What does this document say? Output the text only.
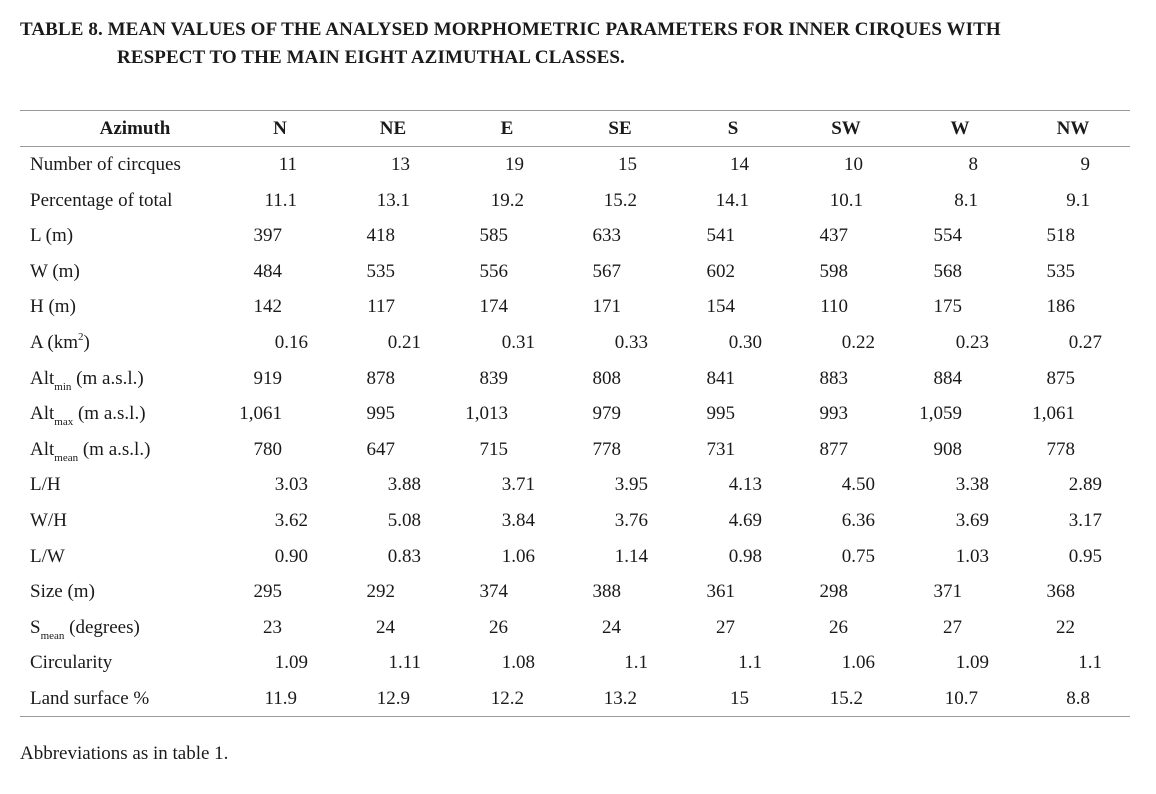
TABLE 8. MEAN VALUES OF THE ANALYSED MORPHOMETRIC PARAMETERS FOR INNER CIRQUES WITH
RESPECT TO THE MAIN EIGHT AZIMUTHAL CLASSES.
Azimuth	N	NE	E	SE	S	SW	W	NW
Number of circques	11	13	19	15	14	10	8	9
Percentage of total	11.1	13.1	19.2	15.2	14.1	10.1	8.1	9.1
L (m)	397	418	585	633	541	437	554	518
W (m)	484	535	556	567	602	598	568	535
H (m)	142	117	174	171	154	110	175	186
A $(km^2)$	0.16	0.21	0.31	0.33	0.30	0.22	0.23	0.27
Alt$_{min}$ (m a.s.l.)	919	878	839	808	841	883	884	875
Alt$_{max}$ (m a.s.l.)	1,061	995	1,013	979	995	993	1,059	1,061
Alt$_{mean}$ (m a.s.l.)	780	647	715	778	731	877	908	778
L/H	3.03	3.88	3.71	3.95	4.13	4.50	3.38	2.89
W/H	3.62	5.08	3.84	3.76	4.69	6.36	3.69	3.17
L/W	0.90	0.83	1.06	1.14	0.98	0.75	1.03	0.95
Size (m)	295	292	374	388	361	298	371	368
$S_{mean}$ (degrees)	23	24	26	24	27	26	27	22
Circularity	1.09	1.11	1.08	1.1	1.1	1.06	1.09	1.1
Land surface %	11.9	12.9	12.2	13.2	15	15.2	10.7	8.8
Abbreviations as in table 1.
